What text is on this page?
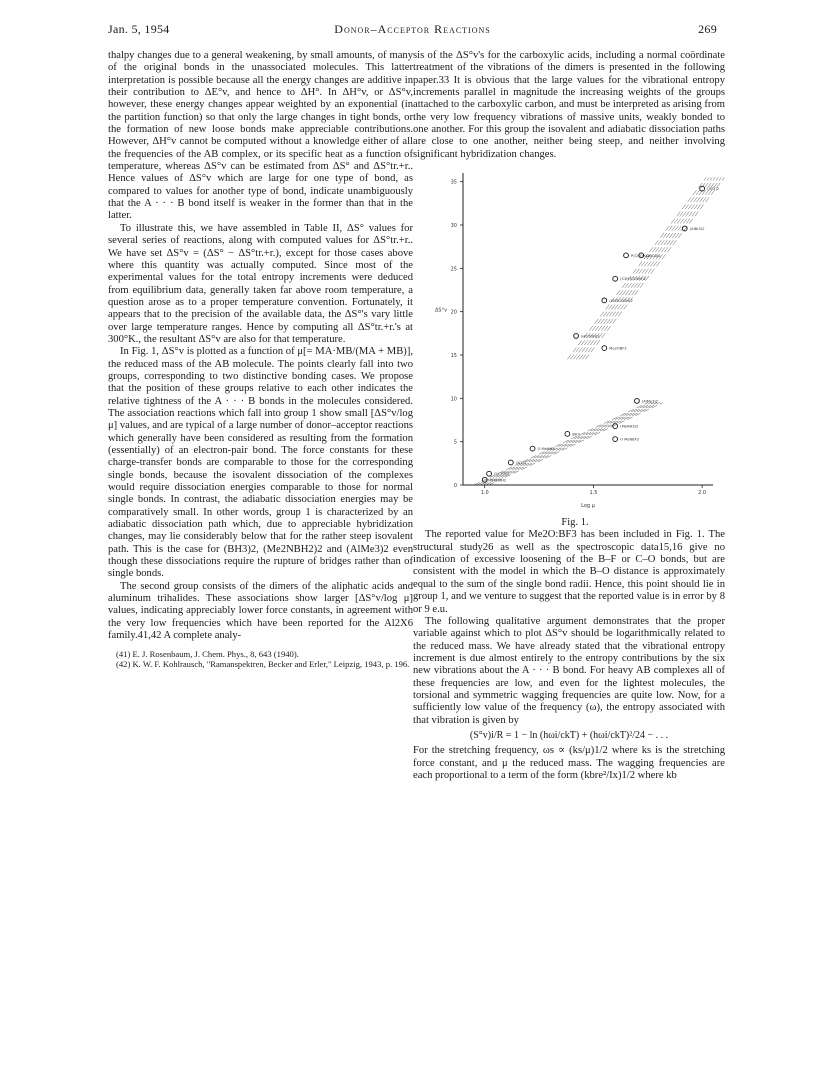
Jan. 5, 1954	Donor–Acceptor Reactions	269

thalpy changes due to a general weakening, by small amounts, of many of the original bonds in the unassociated molecules. This latter interpretation is possible because all the energy changes are additive in their contribution to ΔE°v, and hence to ΔH°. In ΔH°v, or ΔS°v, however, these energy changes appear weighted by an exponential (in the partition function) so that only the large changes in tight bonds, or the formation of new loose bonds make appreciable contributions. However, ΔH°v cannot be computed without a knowledge either of all the frequencies of the AB complex, or its specific heat as a function of temperature, whereas ΔS°v can be estimated from ΔS° and ΔS°tr.+r.. Hence values of ΔS°v which are large for one type of bond, as compared to values for another type of bond, indicate unambiguously that the A · · · B bond itself is weaker in the former than that in the latter.

To illustrate this, we have assembled in Table II, ΔS° values for several series of reactions, along with computed values for ΔS°tr.+r.. We have set ΔS°v = (ΔS° − ΔS°tr.+r.), except for those cases above where this quantity was actually computed. Since most of the experimental values for the total entropy increments were deduced from equilibrium data, generally taken far above room temperature, a question arose as to a proper temperature convention. Fortunately, it appears that to the precision of the available data, the ΔS°'s vary little over large temperature ranges. Hence by computing all ΔS°tr.+r.'s at 300°K., the resultant ΔS°v are also for that temperature.

In Fig. 1, ΔS°v is plotted as a function of μ[= MA·MB/(MA + MB)], the reduced mass of the AB molecule. The points clearly fall into two groups, corresponding to two distinctive bonding cases. We propose that the position of these groups relative to each other indicates the relative tightness of the A · · · B bonds in the molecules considered. The association reactions which fall into group 1 show small [ΔS°v/log μ] values, and are typical of a large number of donor–acceptor reactions which generally have been considered as resulting from the formation (essentially) of an electron-pair bond. The force constants for these charge-transfer bonds are comparable to those for the corresponding single bonds, because the isovalent dissociation of the complexes would require dissociation energies comparable to those for normal single bonds. In contrast, the adiabatic dissociation energies may be comparatively small. In other words, group 1 is characterized by an adiabatic dissociation path which, due to appreciable hybridization changes, may lie considerably below that for the rather steep isovalent path. This is the case for (BH3)2, (Me2NBH2)2 and (AlMe3)2 even though these dissociations require the rupture of bridges rather than of single bonds.

The second group consists of the dimers of the aliphatic acids and aluminum trihalides. These associations show larger [ΔS°v/log μ] values, indicating appreciably lower force constants, in agreement with the very low frequencies which have been reported for the Al2X6 family.41,42 A complete analy-

(41) E. J. Rosenbaum, J. Chem. Phys., 8, 643 (1940).
(42) K. W. F. Kohlrausch, "Ramanspektren, Becker and Erler," Leipzig, 1943, p. 196.

sis of the ΔS°v's for the carboxylic acids, including a normal coördinate treatment of the vibrations of the dimers is presented in the following paper.33 It is obvious that the large values for the vibrational entropy increments parallel in magnitude the increasing weights of the groups attached to the carboxylic carbon, and must be interpreted as arising from the very low frequency vibrations of massive units, weakly bonded to one another. For this group the isovalent and adiabatic dissociation paths are close to one another, neither being steep, and neither involving significant hybridization changes.

0
5
10
15
20
25
30
35
1.0	1.5	2.0
Log μ
ΔS°v
CH3 NH2
O(CH3)2
OCH3
O MeNH3
BH3
(MeNH3)2
O MeNBF3
(AlMe3)2
Me2OBF3
(HCOOH)2
(CH3COOH)2
(C3H7COOH)2
P(COOH)2
(AlCl3)2
(AlBr3)2
(AlI3)2

Fig. 1.

The reported value for Me2O:BF3 has been included in Fig. 1. The structural study26 as well as the spectroscopic data15,16 give no indication of excessive loosening of the B–F or C–O bonds, but are consistent with the model in which the B–O distance is approximately equal to the sum of the single bond radii. Hence, this point should lie in group 1, and we venture to suggest that the reported value is in error by 8 or 9 e.u.

The following qualitative argument demonstrates that the proper variable against which to plot ΔS°v should be logarithmically related to the reduced mass. We have already stated that the vibrational entropy increment is due almost entirely to the entropy contributions by the six new vibrations about the A · · · B bond. For heavy AB complexes all of these frequencies are low, and even for the lightest molecules, the torsional and symmetric wagging frequencies are quite low. Now, for a sufficiently low value of the frequency (ω), the entropy associated with that vibration is given by

(S°v)i/R = 1 − ln (hωi/ckT) + (hωi/ckT)²/24 − . . .

For the stretching frequency, ωs ∝ (ks/μ)1/2 where ks is the stretching force constant, and μ the reduced mass. The wagging frequencies are each proportional to a term of the form (kbre²/Ix)1/2 where kb
